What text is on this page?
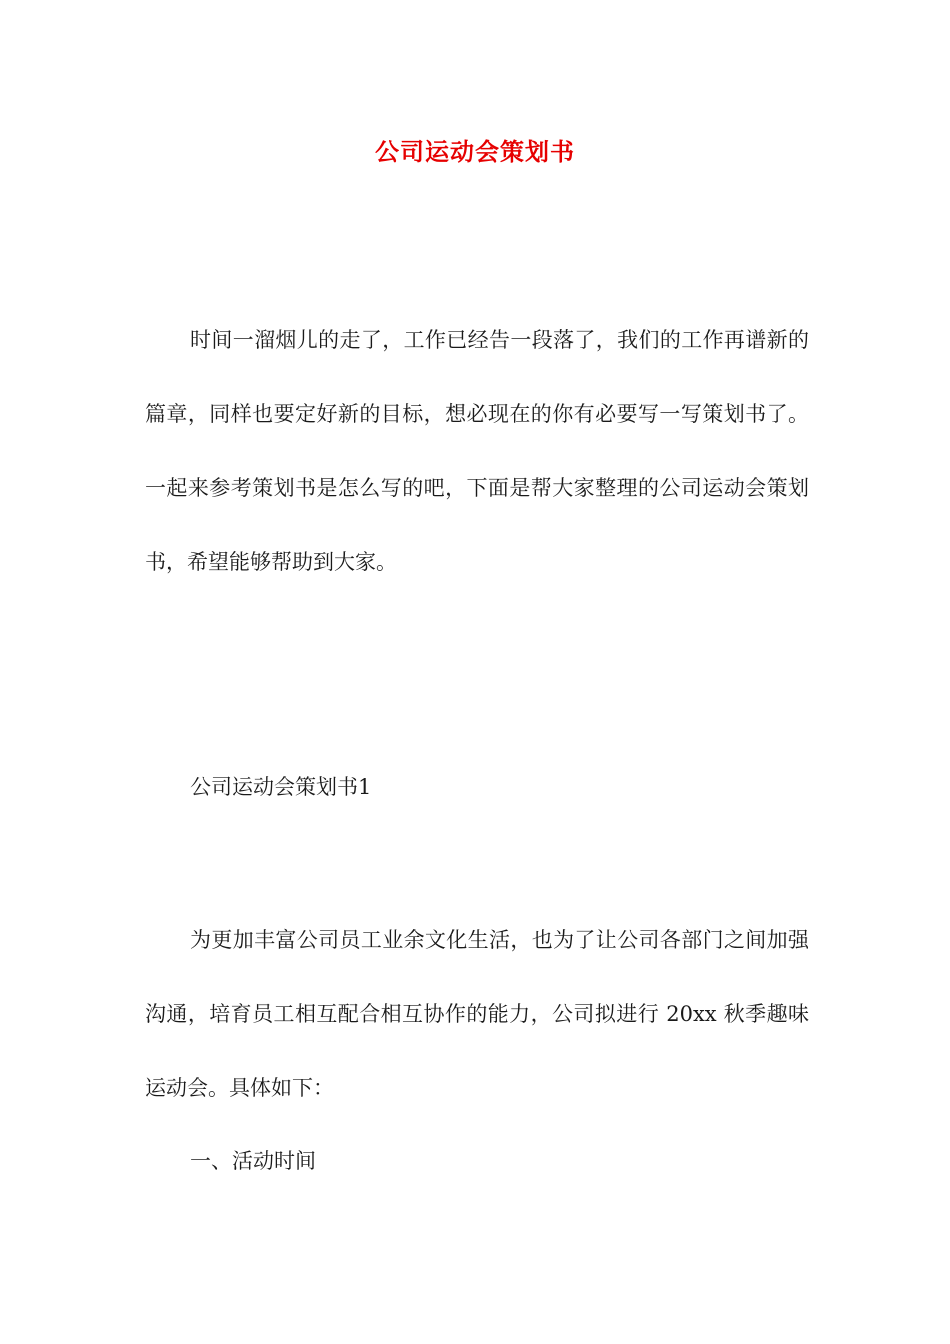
公司运动会策划书

时间一溜烟儿的走了，工作已经告一段落了，我们的工作再谱新的篇章，同样也要定好新的目标，想必现在的你有必要写一写策划书了。一起来参考策划书是怎么写的吧，下面是帮大家整理的公司运动会策划书，希望能够帮助到大家。

公司运动会策划书1

为更加丰富公司员工业余文化生活，也为了让公司各部门之间加强沟通，培育员工相互配合相互协作的能力，公司拟进行 20xx 秋季趣味运动会。具体如下：

一、活动时间
